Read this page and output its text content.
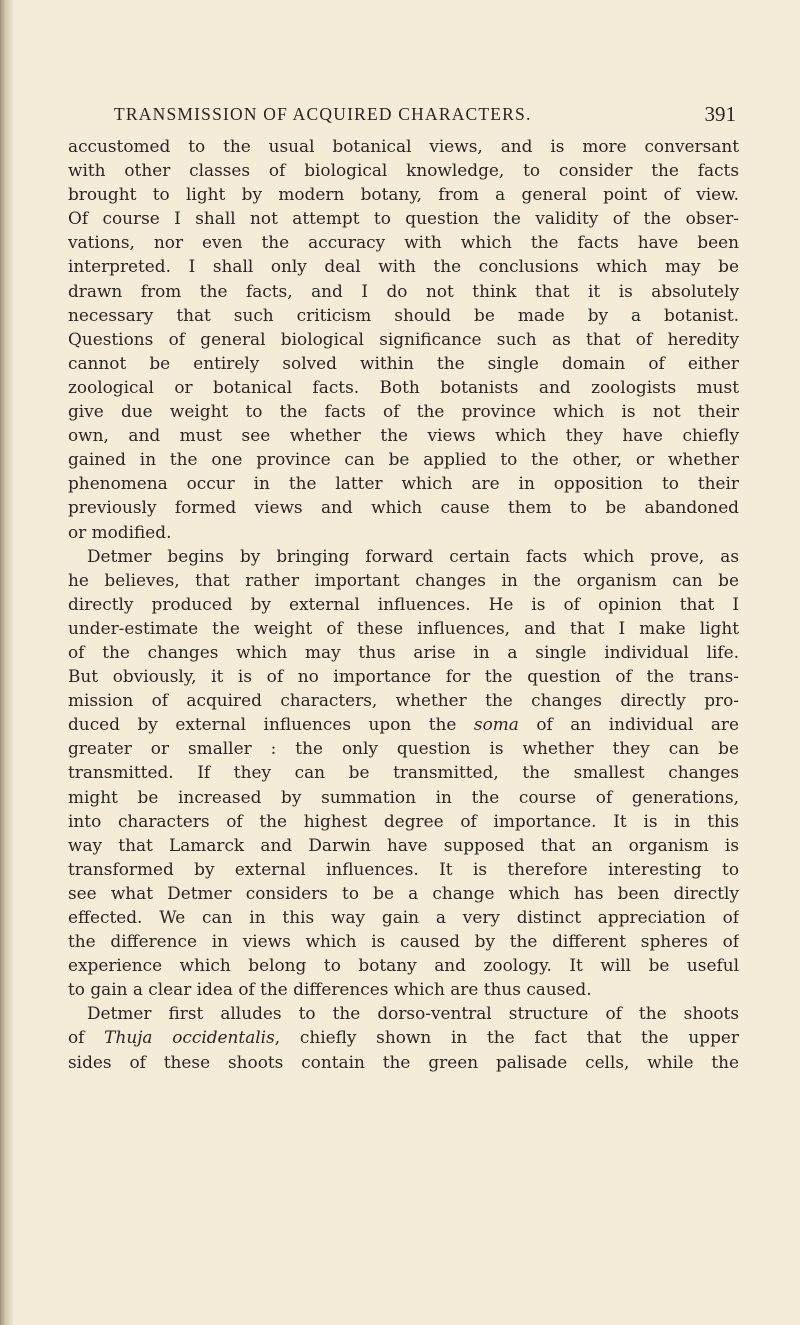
TRANSMISSION OF ACQUIRED CHARACTERS.	391
accustomed to the usual botanical views, and is more conversant
with other classes of biological knowledge, to consider the facts
brought to light by modern botany, from a general point of view.
Of course I shall not attempt to question the validity of the obser-
vations, nor even the accuracy with which the facts have been
interpreted. I shall only deal with the conclusions which may be
drawn from the facts, and I do not think that it is absolutely
necessary that such criticism should be made by a botanist.
Questions of general biological significance such as that of heredity
cannot be entirely solved within the single domain of either
zoological or botanical facts. Both botanists and zoologists must
give due weight to the facts of the province which is not their
own, and must see whether the views which they have chiefly
gained in the one province can be applied to the other, or whether
phenomena occur in the latter which are in opposition to their
previously formed views and which cause them to be abandoned
or modified.
Detmer begins by bringing forward certain facts which prove, as
he believes, that rather important changes in the organism can be
directly produced by external influences. He is of opinion that I
under-estimate the weight of these influences, and that I make light
of the changes which may thus arise in a single individual life.
But obviously, it is of no importance for the question of the trans-
mission of acquired characters, whether the changes directly pro-
duced by external influences upon the soma of an individual are
greater or smaller : the only question is whether they can be
transmitted. If they can be transmitted, the smallest changes
might be increased by summation in the course of generations,
into characters of the highest degree of importance. It is in this
way that Lamarck and Darwin have supposed that an organism is
transformed by external influences. It is therefore interesting to
see what Detmer considers to be a change which has been directly
effected. We can in this way gain a very distinct appreciation of
the difference in views which is caused by the different spheres of
experience which belong to botany and zoology. It will be useful
to gain a clear idea of the differences which are thus caused.
Detmer first alludes to the dorso-ventral structure of the shoots
of Thuja occidentalis, chiefly shown in the fact that the upper
sides of these shoots contain the green palisade cells, while the
